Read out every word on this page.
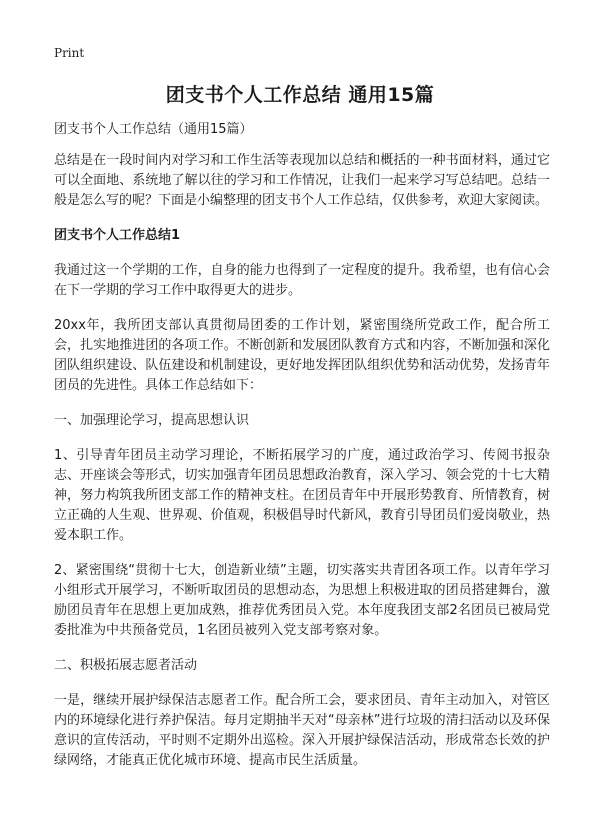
Print
团支书个人工作总结 通用15篇

团支书个人工作总结（通用15篇）

总结是在一段时间内对学习和工作生活等表现加以总结和概括的一种书面材料，通过它可以全面地、系统地了解以往的学习和工作情况，让我们一起来学习写总结吧。总结一般是怎么写的呢？下面是小编整理的团支书个人工作总结，仅供参考，欢迎大家阅读。

团支书个人工作总结1

我通过这一个学期的工作，自身的能力也得到了一定程度的提升。我希望，也有信心会在下一学期的学习工作中取得更大的进步。

20xx年，我所团支部认真贯彻局团委的工作计划，紧密围绕所党政工作，配合所工会，扎实地推进团的各项工作。不断创新和发展团队教育方式和内容，不断加强和深化团队组织建设、队伍建设和机制建设，更好地发挥团队组织优势和活动优势，发扬青年团员的先进性。具体工作总结如下：

一、加强理论学习，提高思想认识

1、引导青年团员主动学习理论，不断拓展学习的广度，通过政治学习、传阅书报杂志、开座谈会等形式，切实加强青年团员思想政治教育，深入学习、领会党的十七大精神，努力构筑我所团支部工作的精神支柱。在团员青年中开展形势教育、所情教育，树立正确的人生观、世界观、价值观，积极倡导时代新风，教育引导团员们爱岗敬业，热爱本职工作。

2、紧密围绕“贯彻十七大，创造新业绩”主题，切实落实共青团各项工作。以青年学习小组形式开展学习，不断听取团员的思想动态，为思想上积极进取的团员搭建舞台，激励团员青年在思想上更加成熟，推荐优秀团员入党。本年度我团支部2名团员已被局党委批准为中共预备党员，1名团员被列入党支部考察对象。

二、积极拓展志愿者活动

一是，继续开展护绿保洁志愿者工作。配合所工会，要求团员、青年主动加入，对管区内的环境绿化进行养护保洁。每月定期抽半天对“母亲林”进行垃圾的清扫活动以及环保意识的宣传活动，平时则不定期外出巡检。深入开展护绿保洁活动，形成常态长效的护绿网络，才能真正优化城市环境、提高市民生活质量。
